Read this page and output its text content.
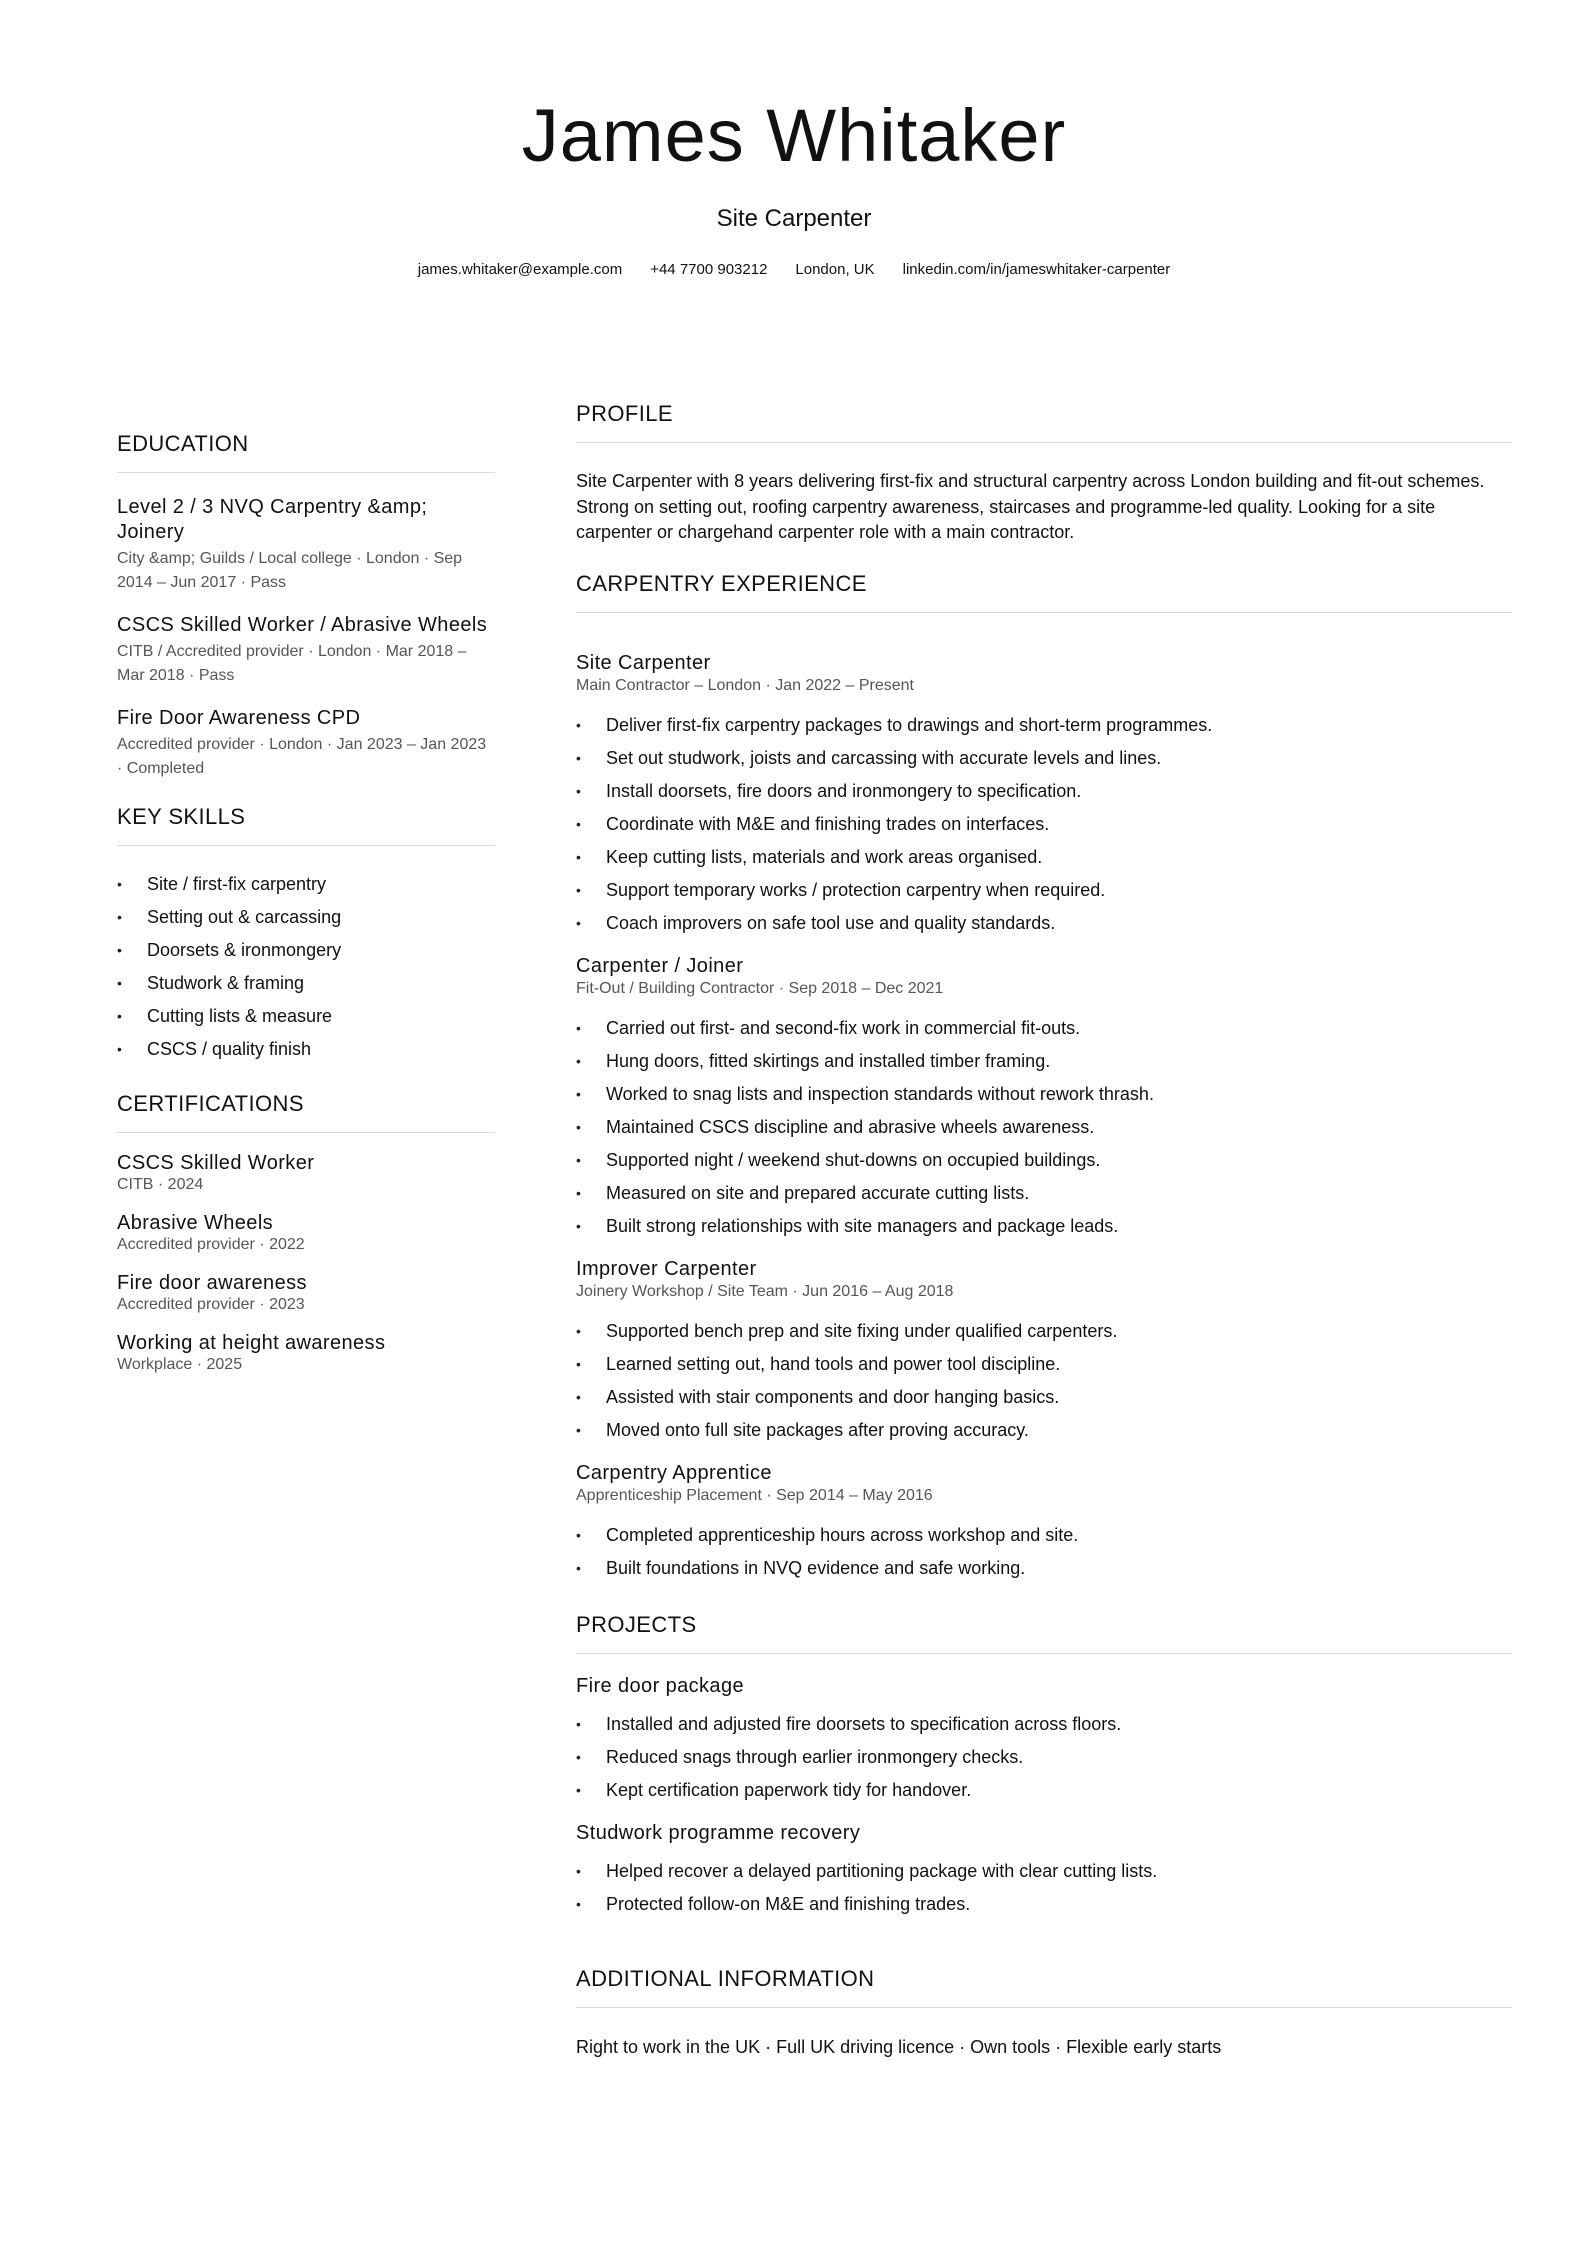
James Whitaker
Site Carpenter
james.whitaker@example.com +44 7700 903212 London, UK linkedin.com/in/jameswhitaker-carpenter
EDUCATION
Level 2 / 3 NVQ Carpentry &amp; Joinery
City &amp; Guilds / Local college · London · Sep 2014 – Jun 2017 · Pass
CSCS Skilled Worker / Abrasive Wheels
CITB / Accredited provider · London · Mar 2018 – Mar 2018 · Pass
Fire Door Awareness CPD
Accredited provider · London · Jan 2023 – Jan 2023 · Completed
KEY SKILLS
• Site / first-fix carpentry
• Setting out & carcassing
• Doorsets & ironmongery
• Studwork & framing
• Cutting lists & measure
• CSCS / quality finish
CERTIFICATIONS
CSCS Skilled Worker
CITB · 2024
Abrasive Wheels
Accredited provider · 2022
Fire door awareness
Accredited provider · 2023
Working at height awareness
Workplace · 2025
PROFILE
Site Carpenter with 8 years delivering first-fix and structural carpentry across London building and fit-out schemes. Strong on setting out, roofing carpentry awareness, staircases and programme-led quality. Looking for a site carpenter or chargehand carpenter role with a main contractor.
CARPENTRY EXPERIENCE
Site Carpenter
Main Contractor – London · Jan 2022 – Present
• Deliver first-fix carpentry packages to drawings and short-term programmes.
• Set out studwork, joists and carcassing with accurate levels and lines.
• Install doorsets, fire doors and ironmongery to specification.
• Coordinate with M&E and finishing trades on interfaces.
• Keep cutting lists, materials and work areas organised.
• Support temporary works / protection carpentry when required.
• Coach improvers on safe tool use and quality standards.
Carpenter / Joiner
Fit-Out / Building Contractor · Sep 2018 – Dec 2021
• Carried out first- and second-fix work in commercial fit-outs.
• Hung doors, fitted skirtings and installed timber framing.
• Worked to snag lists and inspection standards without rework thrash.
• Maintained CSCS discipline and abrasive wheels awareness.
• Supported night / weekend shut-downs on occupied buildings.
• Measured on site and prepared accurate cutting lists.
• Built strong relationships with site managers and package leads.
Improver Carpenter
Joinery Workshop / Site Team · Jun 2016 – Aug 2018
• Supported bench prep and site fixing under qualified carpenters.
• Learned setting out, hand tools and power tool discipline.
• Assisted with stair components and door hanging basics.
• Moved onto full site packages after proving accuracy.
Carpentry Apprentice
Apprenticeship Placement · Sep 2014 – May 2016
• Completed apprenticeship hours across workshop and site.
• Built foundations in NVQ evidence and safe working.
PROJECTS
Fire door package
• Installed and adjusted fire doorsets to specification across floors.
• Reduced snags through earlier ironmongery checks.
• Kept certification paperwork tidy for handover.
Studwork programme recovery
• Helped recover a delayed partitioning package with clear cutting lists.
• Protected follow-on M&E and finishing trades.
ADDITIONAL INFORMATION
Right to work in the UK · Full UK driving licence · Own tools · Flexible early starts
